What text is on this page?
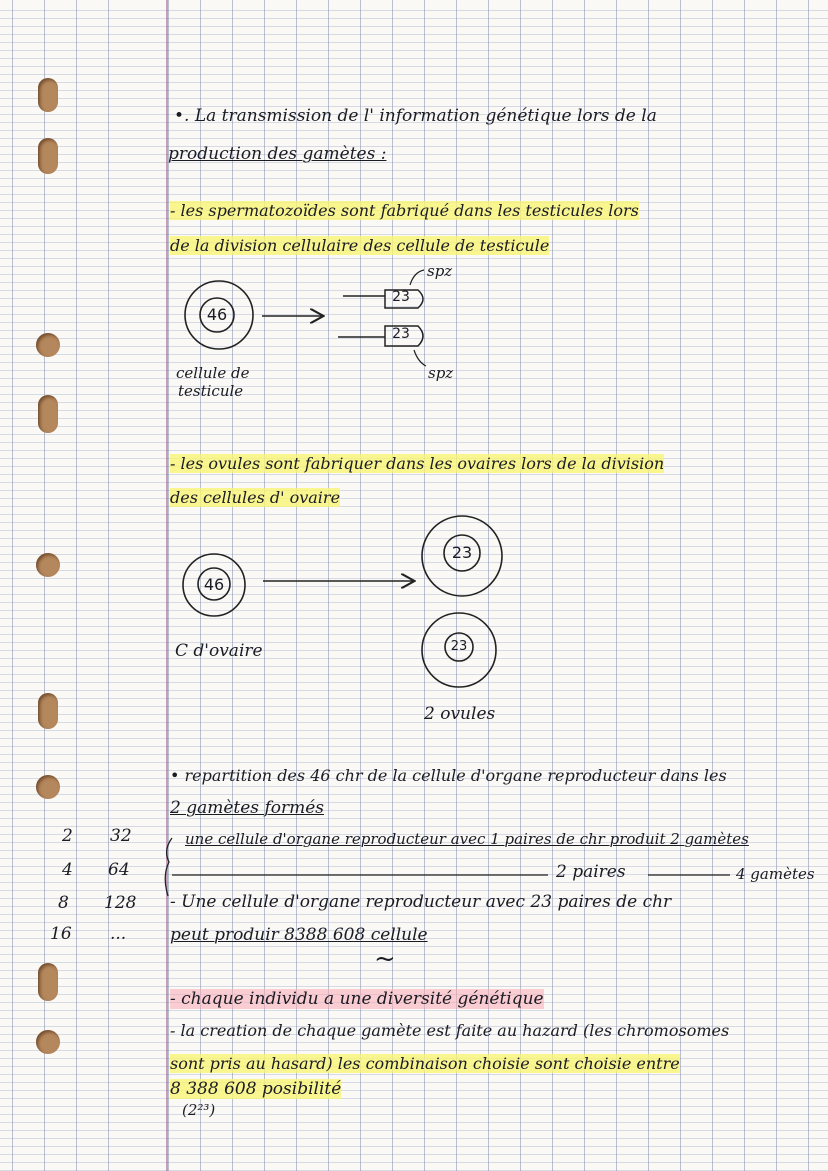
•. La transmission de l' information génétique lors de la
production des gamètes :
- les spermatozoïdes sont fabriqué dans les testicules lors
de la division cellulaire des cellule de testicule
46
23
23
spz
spz
cellule de
testicule
- les ovules sont fabriquer dans les ovaires lors de la division
des cellules d' ovaire
46
23
23
C d'ovaire
2 ovules
2 32
4 64
8 128
16 ...
• repartition des 46 chr de la cellule d'organe reproducteur dans les
2 gamètes formés
une cellule d'organe reproducteur avec 1 paires de chr produit 2 gamètes
2 paires	4 gamètes
- Une cellule d'organe reproducteur avec 23 paires de chr
peut produir 8388 608 cellule
~
- chaque individu a une diversité génétique
- la creation de chaque gamète est faite au hazard (les chromosomes
sont pris au hasard) les combinaison choisie sont choisie entre
8 388 608 posibilité
(2²³)
